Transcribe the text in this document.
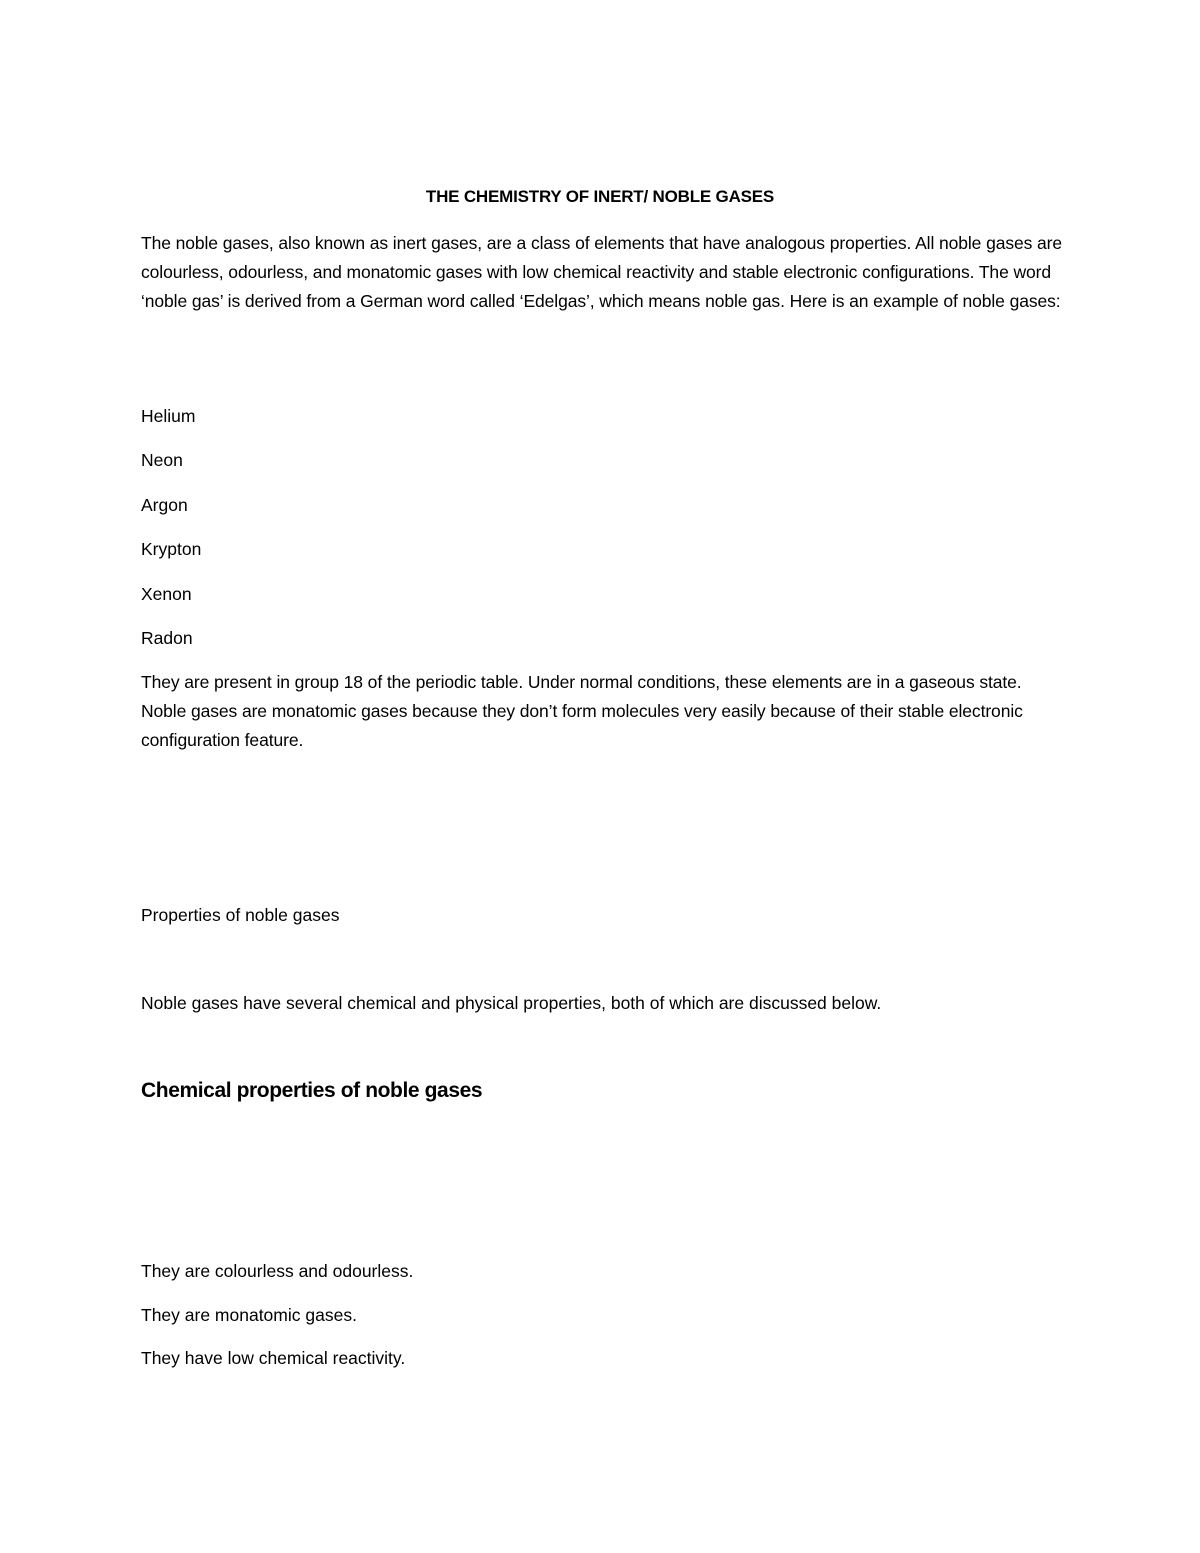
THE CHEMISTRY OF INERT/ NOBLE GASES
The noble gases, also known as inert gases, are a class of elements that have analogous properties. All noble gases are colourless, odourless, and monatomic gases with low chemical reactivity and stable electronic configurations. The word ‘noble gas’ is derived from a German word called ‘Edelgas’, which means noble gas. Here is an example of noble gases:
Helium
Neon
Argon
Krypton
Xenon
Radon
They are present in group 18 of the periodic table. Under normal conditions, these elements are in a gaseous state. Noble gases are monatomic gases because they don’t form molecules very easily because of their stable electronic configuration feature.
Properties of noble gases
Noble gases have several chemical and physical properties, both of which are discussed below.
Chemical properties of noble gases
They are colourless and odourless.
They are monatomic gases.
They have low chemical reactivity.
